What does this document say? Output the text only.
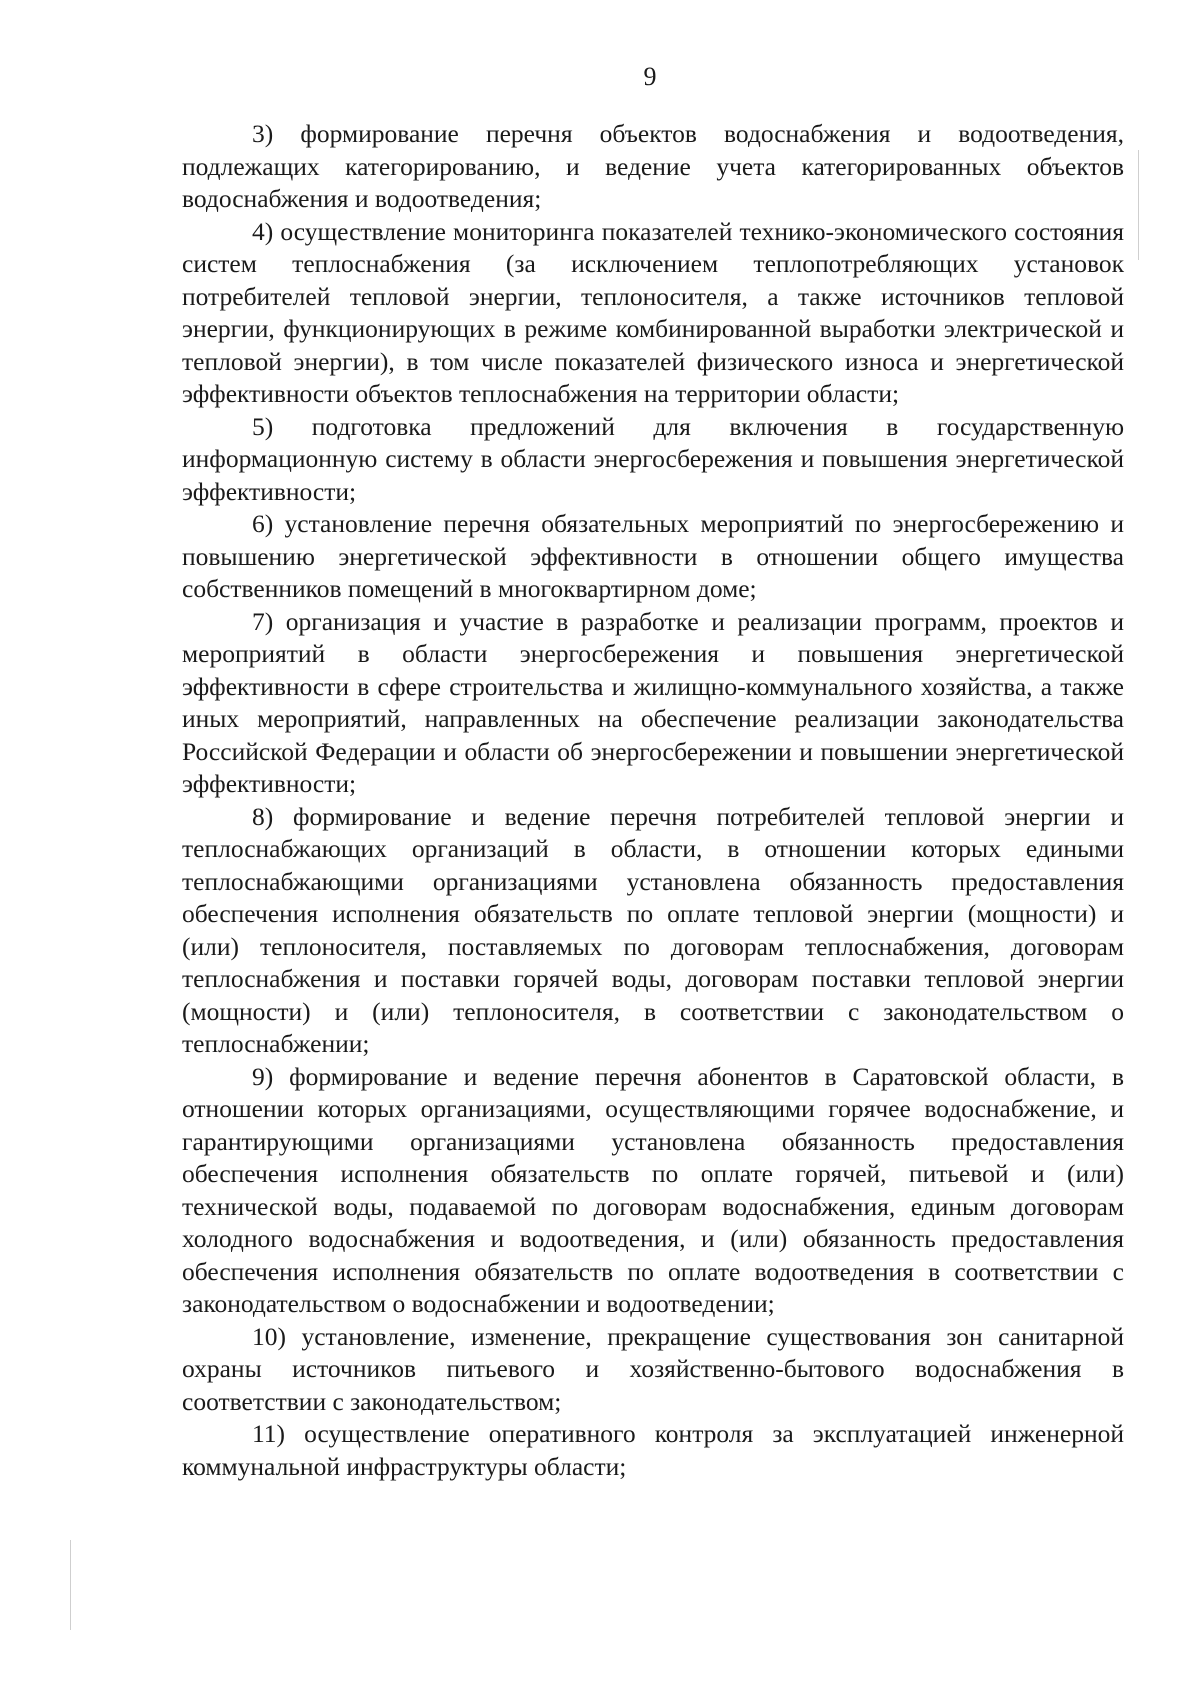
9

3) формирование перечня объектов водоснабжения и водоотведения, подлежащих категорированию, и ведение учета категорированных объектов водоснабжения и водоотведения;

4) осуществление мониторинга показателей технико-экономического состояния систем теплоснабжения (за исключением теплопотребляющих установок потребителей тепловой энергии, теплоносителя, а также источников тепловой энергии, функционирующих в режиме комбинированной выработки электрической и тепловой энергии), в том числе показателей физического износа и энергетической эффективности объектов теплоснабжения на территории области;

5) подготовка предложений для включения в государственную информационную систему в области энергосбережения и повышения энергетической эффективности;

6) установление перечня обязательных мероприятий по энергосбережению и повышению энергетической эффективности в отношении общего имущества собственников помещений в многоквартирном доме;

7) организация и участие в разработке и реализации программ, проектов и мероприятий в области энергосбережения и повышения энергетической эффективности в сфере строительства и жилищно-коммунального хозяйства, а также иных мероприятий, направленных на обеспечение реализации законодательства Российской Федерации и области об энергосбережении и повышении энергетической эффективности;

8) формирование и ведение перечня потребителей тепловой энергии и теплоснабжающих организаций в области, в отношении которых едиными теплоснабжающими организациями установлена обязанность предоставления обеспечения исполнения обязательств по оплате тепловой энергии (мощности) и (или) теплоносителя, поставляемых по договорам теплоснабжения, договорам теплоснабжения и поставки горячей воды, договорам поставки тепловой энергии (мощности) и (или) теплоносителя, в соответствии с законодательством о теплоснабжении;

9) формирование и ведение перечня абонентов в Саратовской области, в отношении которых организациями, осуществляющими горячее водоснабжение, и гарантирующими организациями установлена обязанность предоставления обеспечения исполнения обязательств по оплате горячей, питьевой и (или) технической воды, подаваемой по договорам водоснабжения, единым договорам холодного водоснабжения и водоотведения, и (или) обязанность предоставления обеспечения исполнения обязательств по оплате водоотведения в соответствии с законодательством о водоснабжении и водоотведении;

10) установление, изменение, прекращение существования зон санитарной охраны источников питьевого и хозяйственно-бытового водоснабжения в соответствии с законодательством;

11) осуществление оперативного контроля за эксплуатацией инженерной коммунальной инфраструктуры области;
